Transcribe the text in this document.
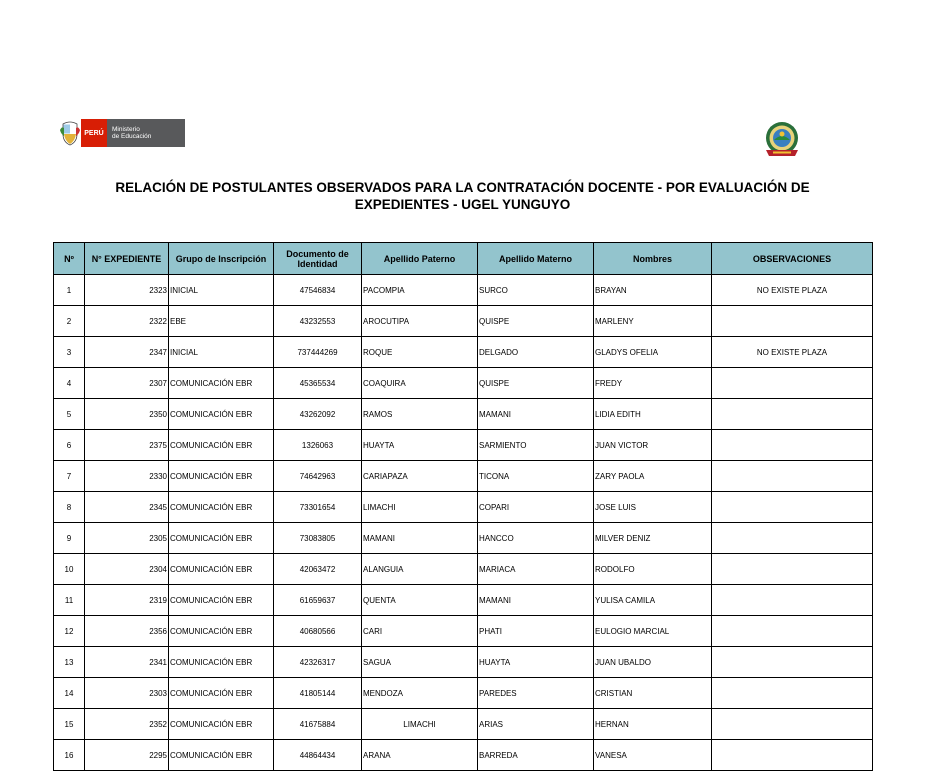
PERÚ	Ministerio
de Educación
RELACIÓN DE POSTULANTES OBSERVADOS PARA LA CONTRATACIÓN DOCENTE - POR EVALUACIÓN DE
EXPEDIENTES - UGEL YUNGUYO
Nº	N° EXPEDIENTE	Grupo de Inscripción	Documento de Identidad	Apellido Paterno	Apellido Materno	Nombres	OBSERVACIONES
1	2323	INICIAL	47546834	PACOMPIA	SURCO	BRAYAN	NO EXISTE PLAZA
2	2322	EBE	43232553	AROCUTIPA	QUISPE	MARLENY	
3	2347	INICIAL	737444269	ROQUE	DELGADO	GLADYS OFELIA	NO EXISTE PLAZA
4	2307	COMUNICACIÓN EBR	45365534	COAQUIRA	QUISPE	FREDY	
5	2350	COMUNICACIÓN EBR	43262092	RAMOS	MAMANI	LIDIA EDITH	
6	2375	COMUNICACIÓN EBR	1326063	HUAYTA	SARMIENTO	JUAN VICTOR	
7	2330	COMUNICACIÓN EBR	74642963	CARIAPAZA	TICONA	ZARY PAOLA	
8	2345	COMUNICACIÓN EBR	73301654	LIMACHI	COPARI	JOSE LUIS	
9	2305	COMUNICACIÓN EBR	73083805	MAMANI	HANCCO	MILVER DENIZ	
10	2304	COMUNICACIÓN EBR	42063472	ALANGUIA	MARIACA	RODOLFO	
11	2319	COMUNICACIÓN EBR	61659637	QUENTA	MAMANI	YULISA CAMILA	
12	2356	COMUNICACIÓN EBR	40680566	CARI	PHATI	EULOGIO MARCIAL	
13	2341	COMUNICACIÓN EBR	42326317	SAGUA	HUAYTA	JUAN UBALDO	
14	2303	COMUNICACIÓN EBR	41805144	MENDOZA	PAREDES	CRISTIAN	
15	2352	COMUNICACIÓN EBR	41675884	LIMACHI	ARIAS	HERNAN	
16	2295	COMUNICACIÓN EBR	44864434	ARANA	BARREDA	VANESA	
